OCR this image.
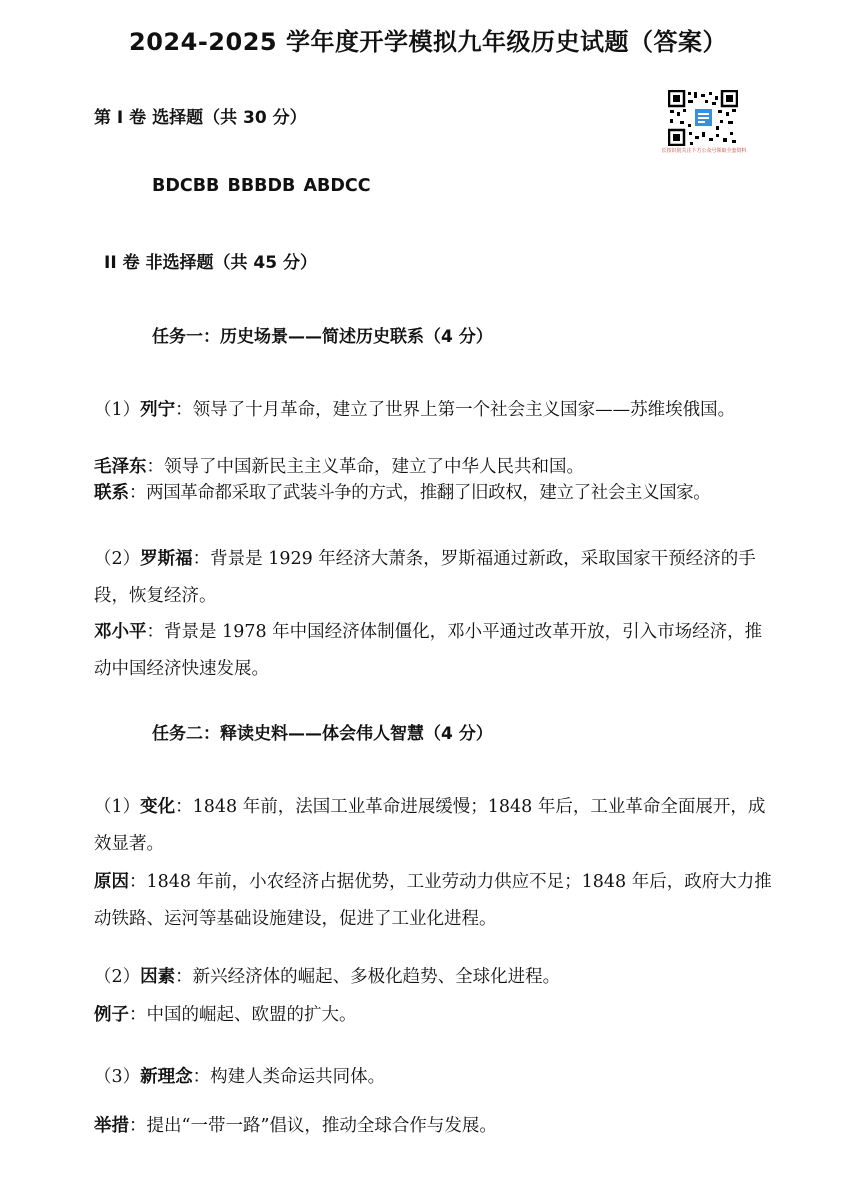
2024-2025 学年度开学模拟九年级历史试题（答案）
第 I 卷 选择题（共 30 分）
长按识别关注下方公众号领取全套资料
BDCBB BBBDB ABDCC
II 卷 非选择题（共 45 分）
任务一：历史场景——简述历史联系（4 分）
（1）列宁：领导了十月革命，建立了世界上第一个社会主义国家——苏维埃俄国。
毛泽东：领导了中国新民主主义革命，建立了中华人民共和国。
联系：两国革命都采取了武装斗争的方式，推翻了旧政权，建立了社会主义国家。
（2）罗斯福：背景是 1929 年经济大萧条，罗斯福通过新政，采取国家干预经济的手段，恢复经济。
邓小平：背景是 1978 年中国经济体制僵化，邓小平通过改革开放，引入市场经济，推动中国经济快速发展。
任务二：释读史料——体会伟人智慧（4 分）
（1）变化：1848 年前，法国工业革命进展缓慢；1848 年后，工业革命全面展开，成效显著。
原因：1848 年前，小农经济占据优势，工业劳动力供应不足；1848 年后，政府大力推动铁路、运河等基础设施建设，促进了工业化进程。
（2）因素：新兴经济体的崛起、多极化趋势、全球化进程。
例子：中国的崛起、欧盟的扩大。
（3）新理念：构建人类命运共同体。
举措：提出“一带一路”倡议，推动全球合作与发展。
